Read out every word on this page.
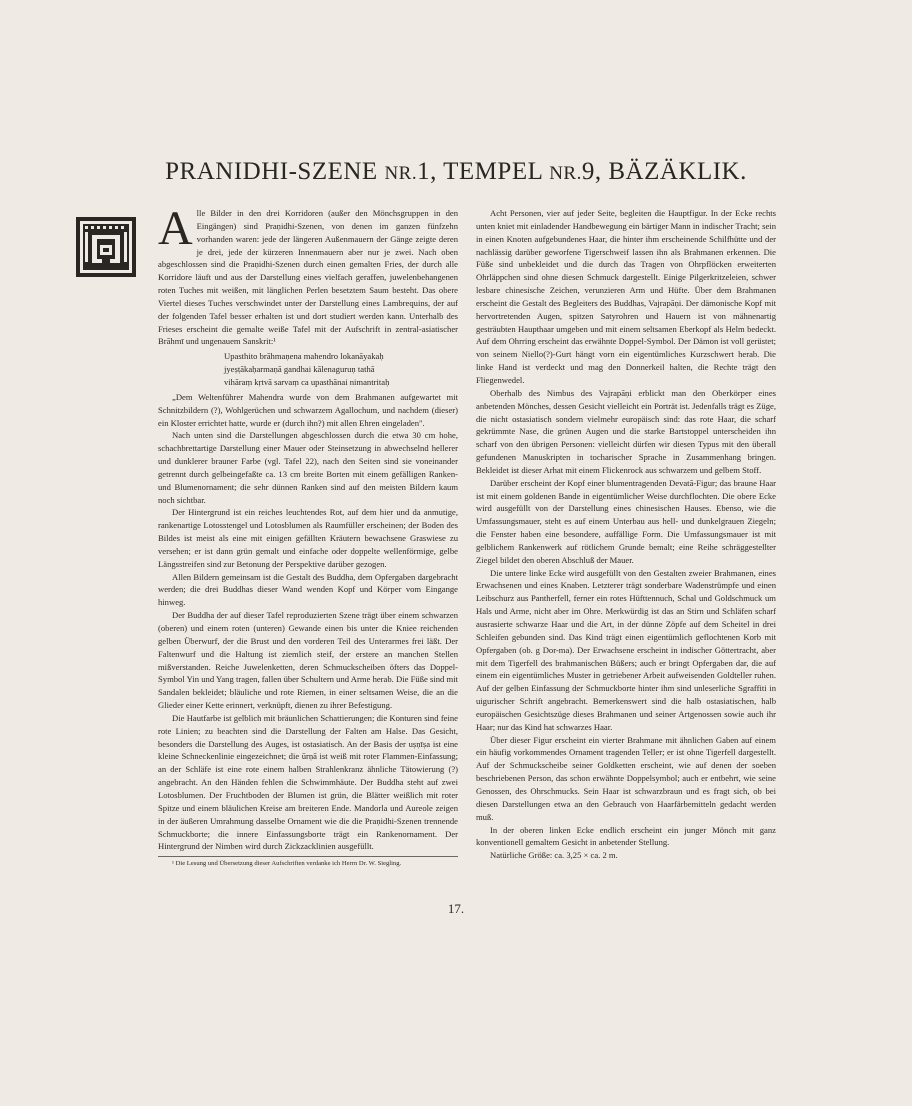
PRANIDHI-SZENE NR.1, TEMPEL NR.9, BÄZÄKLIK.

Alle Bilder in den drei Korridoren (außer den Mönchsgruppen in den Eingängen) sind Praṇidhi-Szenen, von denen im ganzen fünfzehn vorhanden waren: jede der längeren Außenmauern der Gänge zeigte deren je drei, jede der kürzeren Innenmauern aber nur je zwei. Nach oben abgeschlossen sind die Praṇidhi-Szenen durch einen gemalten Fries, der durch alle Korridore läuft und aus der Darstellung eines vielfach geraffen, juwelenbehangenen roten Tuches mit weißen, mit länglichen Perlen besetztem Saum besteht. Das obere Viertel dieses Tuches verschwindet unter der Darstellung eines Lambrequins, der auf der folgenden Tafel besser erhalten ist und dort studiert werden kann. Unterhalb des Frieses erscheint die gemalte weiße Tafel mit der Aufschrift in zentral-asiatischer Brāhmī und ungenauem Sanskrit:¹

Upasthito brāhmaṇena mahendro lokanāyakaḥ
jyeṣṭākaḥarmaṇā gandhai kālenaguruṇ tathā
vihāraṃ kṛtvā sarvaṃ ca upasthānai nimantritaḥ

„Dem Weltenführer Mahendra wurde von dem Brahmanen aufgewartet mit Schnitzbildern (?), Wohlgerüchen und schwarzem Agallochum, und nachdem (dieser) ein Kloster errichtet hatte, wurde er (durch ihn?) mit allen Ehren eingeladen".

Nach unten sind die Darstellungen abgeschlossen durch die etwa 30 cm hohe, schachbrettartige Darstellung einer Mauer oder Steinsetzung in abwechselnd hellerer und dunklerer brauner Farbe (vgl. Tafel 22), nach den Seiten sind sie voneinander getrennt durch gelbeingefaßte ca. 13 cm breite Borten mit einem gefälligen Ranken- und Blumenornament; die sehr dünnen Ranken sind auf den meisten Bildern kaum noch sichtbar.

Der Hintergrund ist ein reiches leuchtendes Rot, auf dem hier und da anmutige, rankenartige Lotosstengel und Lotosblumen als Raumfüller erscheinen; der Boden des Bildes ist meist als eine mit einigen gefällten Kräutern bewachsene Graswiese zu versehen; er ist dann grün gemalt und einfache oder doppelte wellenförmige, gelbe Längsstreifen sind zur Betonung der Perspektive darüber gezogen.

Allen Bildern gemeinsam ist die Gestalt des Buddha, dem Opfergaben dargebracht werden; die drei Buddhas dieser Wand wenden Kopf und Körper vom Eingange hinweg.

Der Buddha der auf dieser Tafel reproduzierten Szene trägt über einem schwarzen (oberen) und einem roten (unteren) Gewande einen bis unter die Kniee reichenden gelben Überwurf, der die Brust und den vorderen Teil des Unterarmes frei läßt. Der Faltenwurf und die Haltung ist ziemlich steif, der erstere an manchen Stellen mißverstanden. Reiche Juwelenketten, deren Schmuckscheiben öfters das Doppel-Symbol Yin und Yang tragen, fallen über Schultern und Arme herab. Die Füße sind mit Sandalen bekleidet; bläuliche und rote Riemen, in einer seltsamen Weise, die an die Glieder einer Kette erinnert, verknüpft, dienen zu ihrer Befestigung.

Die Hautfarbe ist gelblich mit bräunlichen Schattierungen; die Konturen sind feine rote Linien; zu beachten sind die Darstellung der Falten am Halse. Das Gesicht, besonders die Darstellung des Auges, ist ostasiatisch. An der Basis der uṣṇīṣa ist eine kleine Schneckenlinie eingezeichnet; die ūrṇā ist weiß mit roter Flammen-Einfassung; an der Schläfe ist eine rote einem halben Strahlenkranz ähnliche Tätowierung (?) angebracht. An den Händen fehlen die Schwimmhäute. Der Buddha steht auf zwei Lotosblumen. Der Fruchtboden der Blumen ist grün, die Blätter weißlich mit roter Spitze und einem bläulichen Kreise am breiteren Ende. Mandorla und Aureole zeigen in der äußeren Umrahmung dasselbe Ornament wie die die Praṇidhi-Szenen trennende Schmuckborte; die innere Einfassungsborte trägt ein Rankenornament. Der Hintergrund der Nimben wird durch Zickzacklinien ausgefüllt.

¹ Die Lesung und Übersetzung dieser Aufschriften verdanke ich Herrn Dr. W. Siegling.

Acht Personen, vier auf jeder Seite, begleiten die Hauptfigur. In der Ecke rechts unten kniet mit einladender Handbewegung ein bärtiger Mann in indischer Tracht; sein in einen Knoten aufgebundenes Haar, die hinter ihm erscheinende Schilfhütte und der nachlässig darüber geworfene Tigerschweif lassen ihn als Brahmanen erkennen. Die Füße sind unbekleidet und die durch das Tragen von Ohrpflöcken erweiterten Ohrläppchen sind ohne diesen Schmuck dargestellt. Einige Pilgerkritzeleien, schwer lesbare chinesische Zeichen, verunzieren Arm und Hüfte. Über dem Brahmanen erscheint die Gestalt des Begleiters des Buddhas, Vajrapāṇi. Der dämonische Kopf mit hervortretenden Augen, spitzen Satyrohren und Hauern ist von mähnenartig gesträubten Haupthaar umgeben und mit einem seltsamen Eberkopf als Helm bedeckt. Auf dem Ohrring erscheint das erwähnte Doppel-Symbol. Der Dämon ist voll gerüstet; von seinem Niello(?)-Gurt hängt vorn ein eigentümliches Kurzschwert herab. Die linke Hand ist verdeckt und mag den Donnerkeil halten, die Rechte trägt den Fliegenwedel.

Oberhalb des Nimbus des Vajrapāṇi erblickt man den Oberkörper eines anbetenden Mönches, dessen Gesicht vielleicht ein Porträt ist. Jedenfalls trägt es Züge, die nicht ostasiatisch sondern vielmehr europäisch sind: das rote Haar, die scharf gekrümmte Nase, die grünen Augen und die starke Bartstoppel unterscheiden ihn scharf von den übrigen Personen: vielleicht dürfen wir diesen Typus mit den überall gefundenen Manuskripten in tocharischer Sprache in Zusammenhang bringen. Bekleidet ist dieser Arhat mit einem Flickenrock aus schwarzem und gelbem Stoff.

Darüber erscheint der Kopf einer blumentragenden Devatā-Figur; das braune Haar ist mit einem goldenen Bande in eigentümlicher Weise durchflochten. Die obere Ecke wird ausgefüllt von der Darstellung eines chinesischen Hauses. Ebenso, wie die Umfassungsmauer, steht es auf einem Unterbau aus hell- und dunkelgrauen Ziegeln; die Fenster haben eine besondere, auffällige Form. Die Umfassungsmauer ist mit gelblichem Rankenwerk auf rötlichem Grunde bemalt; eine Reihe schräggestellter Ziegel bildet den oberen Abschluß der Mauer.

Die untere linke Ecke wird ausgefüllt von den Gestalten zweier Brahmanen, eines Erwachsenen und eines Knaben. Letzterer trägt sonderbare Wadenstrümpfe und einen Leibschurz aus Pantherfell, ferner ein rotes Hüfttennuch, Schal und Goldschmuck um Hals und Arme, nicht aber im Ohre. Merkwürdig ist das an Stirn und Schläfen scharf ausrasierte schwarze Haar und die Art, in der dünne Zöpfe auf dem Scheitel in drei Schleifen gebunden sind. Das Kind trägt einen eigentümlich geflochtenen Korb mit Opfergaben (ob. g Dor-ma). Der Erwachsene erscheint in indischer Göttertracht, aber mit dem Tigerfell des brahmanischen Büßers; auch er bringt Opfergaben dar, die auf einem ein eigentümliches Muster in getriebener Arbeit aufweisenden Goldteller ruhen. Auf der gelben Einfassung der Schmuckborte hinter ihm sind unleserliche Sgraffiti in uigurischer Schrift angebracht. Bemerkenswert sind die halb ostasiatischen, halb europäischen Gesichtszüge dieses Brahmanen und seiner Artgenossen sowie auch ihr Haar; nur das Kind hat schwarzes Haar.

Über dieser Figur erscheint ein vierter Brahmane mit ähnlichen Gaben auf einem ein häufig vorkommendes Ornament tragenden Teller; er ist ohne Tigerfell dargestellt. Auf der Schmuckscheibe seiner Goldketten erscheint, wie auf denen der soeben beschriebenen Person, das schon erwähnte Doppelsymbol; auch er entbehrt, wie seine Genossen, des Ohrschmucks. Sein Haar ist schwarzbraun und es fragt sich, ob bei diesen Darstellungen etwa an den Gebrauch von Haarfärbemitteln gedacht werden muß.

In der oberen linken Ecke endlich erscheint ein junger Mönch mit ganz konventionell gemaltem Gesicht in anbetender Stellung.

Natürliche Größe: ca. 3,25 × ca. 2 m.

17.
